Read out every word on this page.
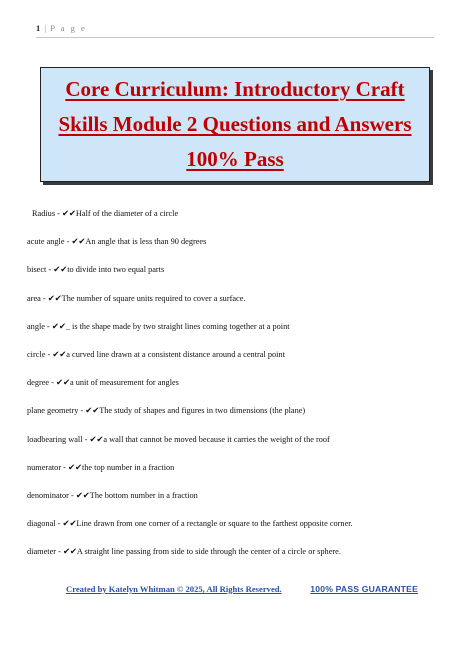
1 | P a g e
Core Curriculum: Introductory Craft Skills Module 2 Questions and Answers 100% Pass
Radius - ✔✔Half of the diameter of a circle
acute angle - ✔✔An angle that is less than 90 degrees
bisect - ✔✔to divide into two equal parts
area - ✔✔The number of square units required to cover a surface.
angle - ✔✔_ is the shape made by two straight lines coming together at a point
circle - ✔✔a curved line drawn at a consistent distance around a central point
degree - ✔✔a unit of measurement for angles
plane geometry - ✔✔The study of shapes and figures in two dimensions (the plane)
loadbearing wall - ✔✔a wall that cannot be moved because it carries the weight of the roof
numerator - ✔✔the top number in a fraction
denominator - ✔✔The bottom number in a fraction
diagonal - ✔✔Line drawn from one corner of a rectangle or square to the farthest opposite corner.
diameter - ✔✔A straight line passing from side to side through the center of a circle or sphere.
Created by Katelyn Whitman © 2025, All Rights Reserved.	100% PASS GUARANTEE
